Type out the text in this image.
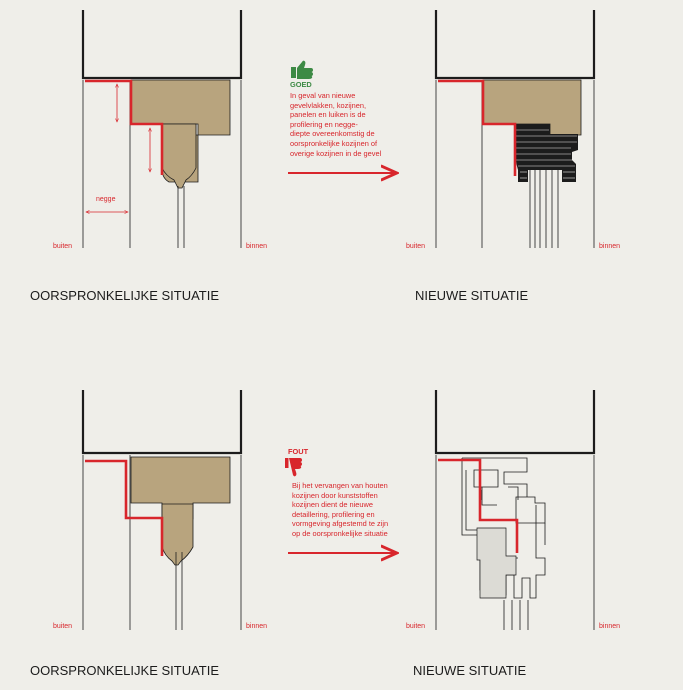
negge
buiten	binnen	buiten	binnen
buiten	binnen	buiten	binnen
GOED
FOUT
In geval van nieuwe
gevelvlakken, kozijnen,
panelen en luiken is de
profilering en negge-
diepte overeenkomstig de
oorspronkelijke kozijnen of
overige kozijnen in de gevel
Bij het vervangen van houten
kozijnen door kunststoffen
kozijnen dient de nieuwe
detaillering, profilering en
vormgeving afgestemd te zijn
op de oorspronkelijke situatie
OORSPRONKELIJKE SITUATIE	NIEUWE SITUATIE
OORSPRONKELIJKE SITUATIE	NIEUWE SITUATIE
